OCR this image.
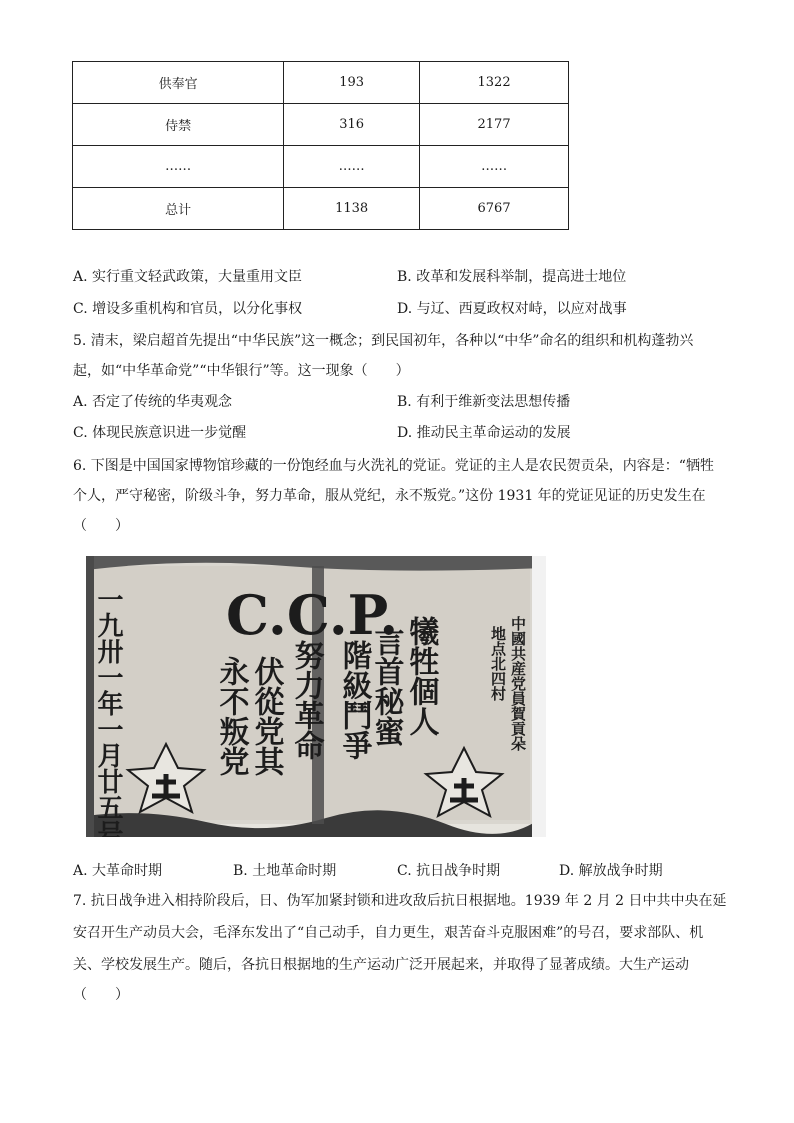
供奉官	193	1322
侍禁	316	2177
……	……	……
总计	1138	6767
A. 实行重文轻武政策，大量重用文臣	B. 改革和发展科举制，提高进士地位
C. 增设多重机构和官员，以分化事权	D. 与辽、西夏政权对峙，以应对战事
5. 清末，梁启超首先提出“中华民族”这一概念；到民国初年，各种以“中华”命名的组织和机构蓬勃兴
起，如“中华革命党”“中华银行”等。这一现象（　　）
A. 否定了传统的华夷观念	B. 有利于维新变法思想传播
C. 体现民族意识进一步觉醒	D. 推动民主革命运动的发展
6. 下图是中国国家博物馆珍藏的一份饱经血与火洗礼的党证。党证的主人是农民贺贡朵，内容是：“牺牲
个人，严守秘密，阶级斗争，努力革命，服从党纪，永不叛党。”这份 1931 年的党证见证的历史发生在
（　　）
C.C.P.
一九卅一年一月廿五号	永不叛党 伏從党其 努力革命 階級鬥爭
言首秘蜜 犧牲個人	中國共産党員賀貢朵
地点北四村
A. 大革命时期	B. 土地革命时期	C. 抗日战争时期	D. 解放战争时期
7. 抗日战争进入相持阶段后，日、伪军加紧封锁和进攻敌后抗日根据地。1939 年 2 月 2 日中共中央在延
安召开生产动员大会，毛泽东发出了“自己动手，自力更生，艰苦奋斗克服困难”的号召，要求部队、机
关、学校发展生产。随后，各抗日根据地的生产运动广泛开展起来，并取得了显著成绩。大生产运动
（　　）
